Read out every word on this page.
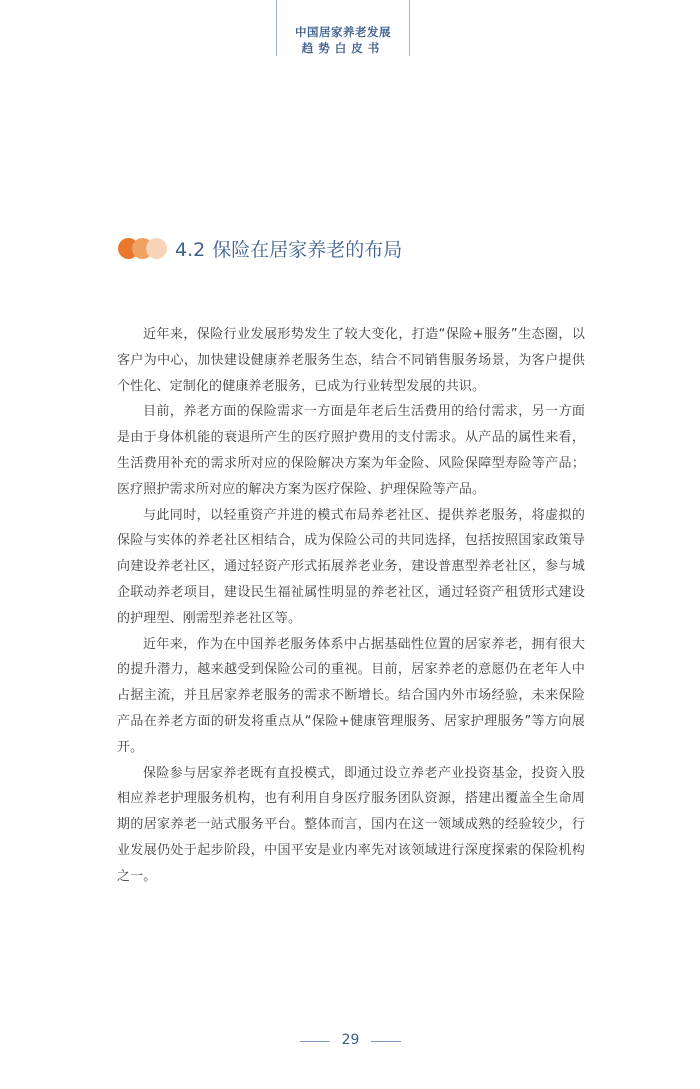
中国居家养老发展
趋势白皮书
4.2 保险在居家养老的布局

近年来，保险行业发展形势发生了较大变化，打造“保险+服务”生态圈，以客户为中心，加快建设健康养老服务生态，结合不同销售服务场景，为客户提供个性化、定制化的健康养老服务，已成为行业转型发展的共识。

目前，养老方面的保险需求一方面是年老后生活费用的给付需求，另一方面是由于身体机能的衰退所产生的医疗照护费用的支付需求。从产品的属性来看，生活费用补充的需求所对应的保险解决方案为年金险、风险保障型寿险等产品；医疗照护需求所对应的解决方案为医疗保险、护理保险等产品。

与此同时，以轻重资产并进的模式布局养老社区、提供养老服务，将虚拟的保险与实体的养老社区相结合，成为保险公司的共同选择，包括按照国家政策导向建设养老社区，通过轻资产形式拓展养老业务，建设普惠型养老社区，参与城企联动养老项目，建设民生福祉属性明显的养老社区，通过轻资产租赁形式建设的护理型、刚需型养老社区等。

近年来，作为在中国养老服务体系中占据基础性位置的居家养老，拥有很大的提升潜力，越来越受到保险公司的重视。目前，居家养老的意愿仍在老年人中占据主流，并且居家养老服务的需求不断增长。结合国内外市场经验，未来保险产品在养老方面的研发将重点从“保险+健康管理服务、居家护理服务”等方向展开。

保险参与居家养老既有直投模式，即通过设立养老产业投资基金，投资入股相应养老护理服务机构，也有利用自身医疗服务团队资源，搭建出覆盖全生命周期的居家养老一站式服务平台。整体而言，国内在这一领域成熟的经验较少，行业发展仍处于起步阶段，中国平安是业内率先对该领域进行深度探索的保险机构之一。

29
